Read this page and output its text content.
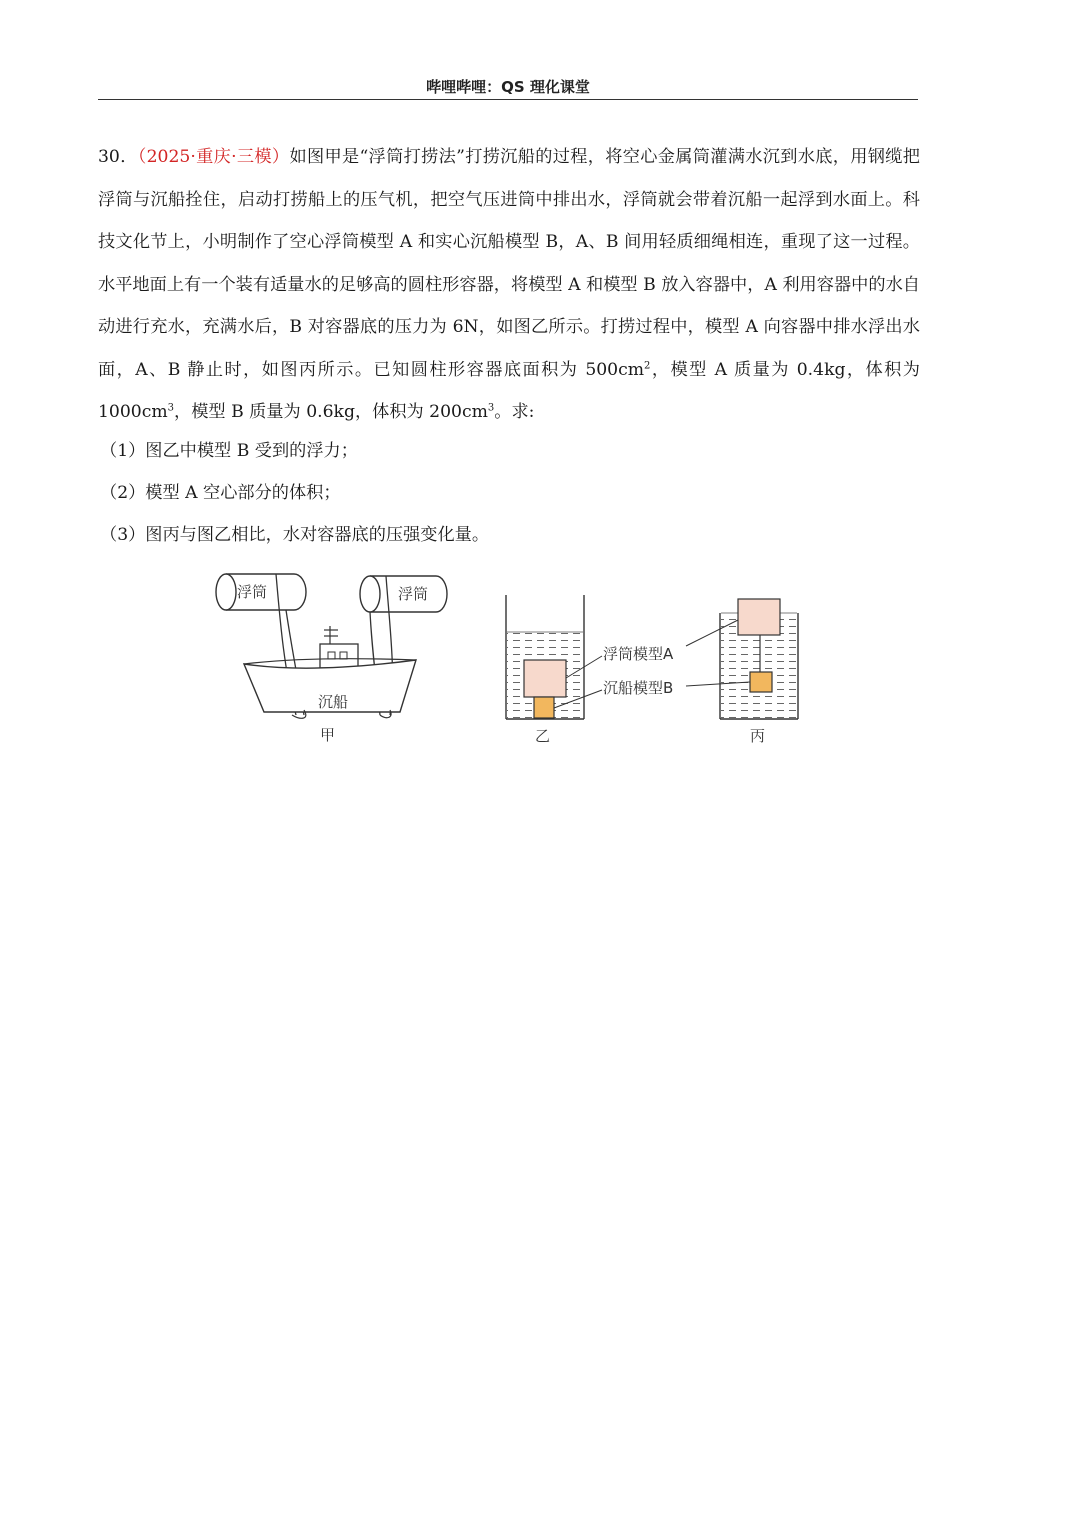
哔哩哔哩：QS 理化课堂
30．（2025·重庆·三模）如图甲是“浮筒打捞法”打捞沉船的过程，将空心金属筒灌满水沉到水底，用钢缆把浮筒与沉船拴住，启动打捞船上的压气机，把空气压进筒中排出水，浮筒就会带着沉船一起浮到水面上。科技文化节上，小明制作了空心浮筒模型 A 和实心沉船模型 B，A、B 间用轻质细绳相连，重现了这一过程。水平地面上有一个装有适量水的足够高的圆柱形容器，将模型 A 和模型 B 放入容器中，A 利用容器中的水自动进行充水，充满水后，B 对容器底的压力为 6N，如图乙所示。打捞过程中，模型 A 向容器中排水浮出水面，A、B 静止时，如图丙所示。已知圆柱形容器底面积为 $500cm^2$，模型 A 质量为 0.4kg，体积为 $1000cm^3$，模型 B 质量为 0.6kg，体积为 $200cm^3$。求:
（1）图乙中模型 B 受到的浮力；
（2）模型 A 空心部分的体积；
（3）图丙与图乙相比，水对容器底的压强变化量。
浮筒	浮筒
沉船
甲	乙
浮筒模型A
沉船模型B
丙
